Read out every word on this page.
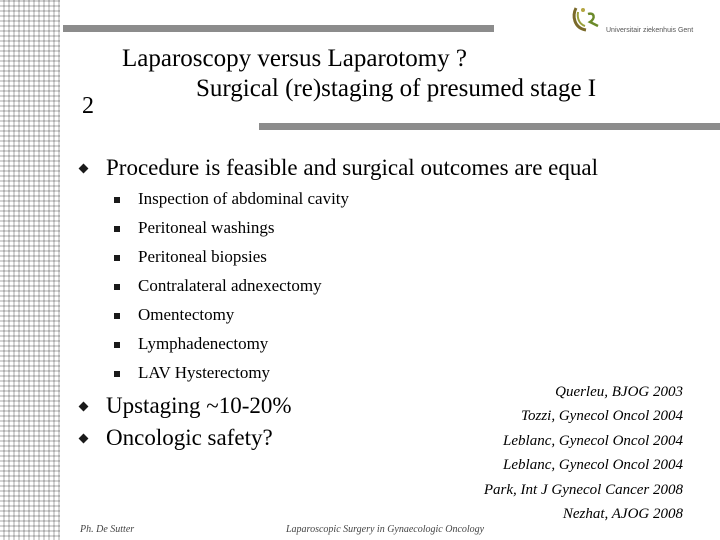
Universitair ziekenhuis Gent
Laparoscopy versus Laparotomy ?
Surgical (re)staging of presumed stage I
2
Procedure is feasible and surgical outcomes are equal
Inspection of abdominal cavity
Peritoneal washings
Peritoneal biopsies
Contralateral adnexectomy
Omentectomy
Lymphadenectomy
LAV Hysterectomy
Upstaging ~10-20%
Oncologic safety?
Querleu, BJOG 2003
Tozzi, Gynecol Oncol 2004
Leblanc, Gynecol Oncol 2004
Leblanc, Gynecol Oncol 2004
Park, Int J Gynecol Cancer 2008
Nezhat, AJOG 2008
Ph. De Sutter	Laparoscopic Surgery in Gynaecologic Oncology
